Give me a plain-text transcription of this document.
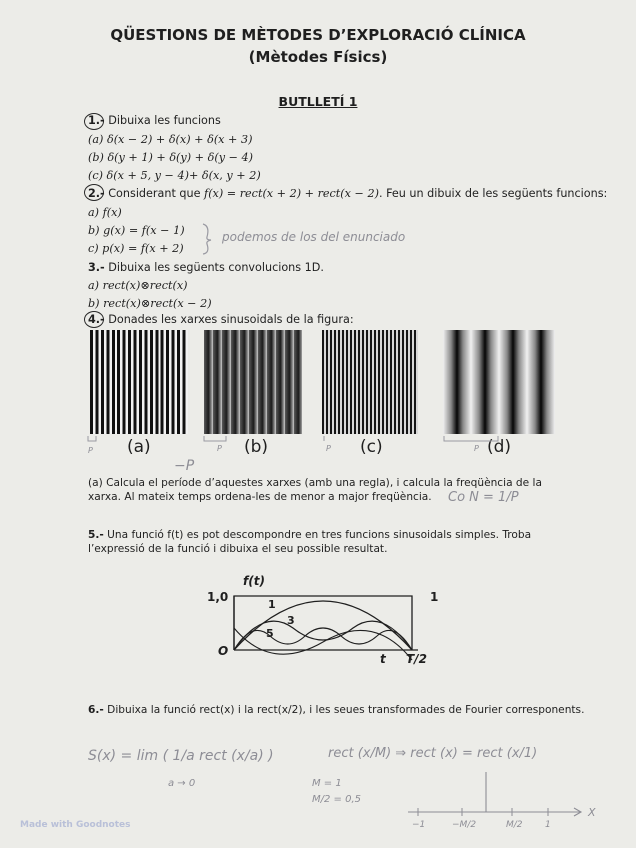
QÜESTIONS DE MÈTODES D’EXPLORACIÓ CLÍNICA
(Mètodes Físics)
BUTLLETÍ 1
1.- Dibuixa les funcions
(a) δ(x − 2) + δ(x) + δ(x + 3)
(b) δ(y + 1) + δ(y) + δ(y − 4)
(c) δ(x + 5, y − 4)+ δ(x, y + 2)
2.- Considerant que f(x) = rect(x + 2) + rect(x − 2). Feu un dibuix de les següents funcions:
a) f(x)
b) g(x) = f(x − 1)
c) p(x) = f(x + 2)
podemos de los del enunciado
3.- Dibuixa les següents convolucions 1D.
a) rect(x)⊗rect(x)
b) rect(x)⊗rect(x − 2)
4.- Donades les xarxes sinusoidals de la figura:
(a)	(b)	(c)	(d)
P	P	P	P
−P
(a) Calcula el període d’aquestes xarxes (amb una regla), i calcula la freqüència de la xarxa. Al mateix temps ordena-les de menor a major freqüència.	Co N = 1/P
5.- Una funció f(t) es pot descompondre en tres funcions sinusoidals simples. Troba l’expressió de la funció i dibuixa el seu possible resultat.
f(t)
1,0	1
1
3
5
O
t T/2
6.- Dibuixa la funció rect(x) i la rect(x/2), i les seues transformades de Fourier corresponents.
S(x) = lim ( 1/a rect (x/a) )
a → 0
rect (x/M) ⇒ rect (x) = rect (x/1)
M = 1
M/2 = 0,5
−1	−M/2	M/2 1
X
Made with Goodnotes
